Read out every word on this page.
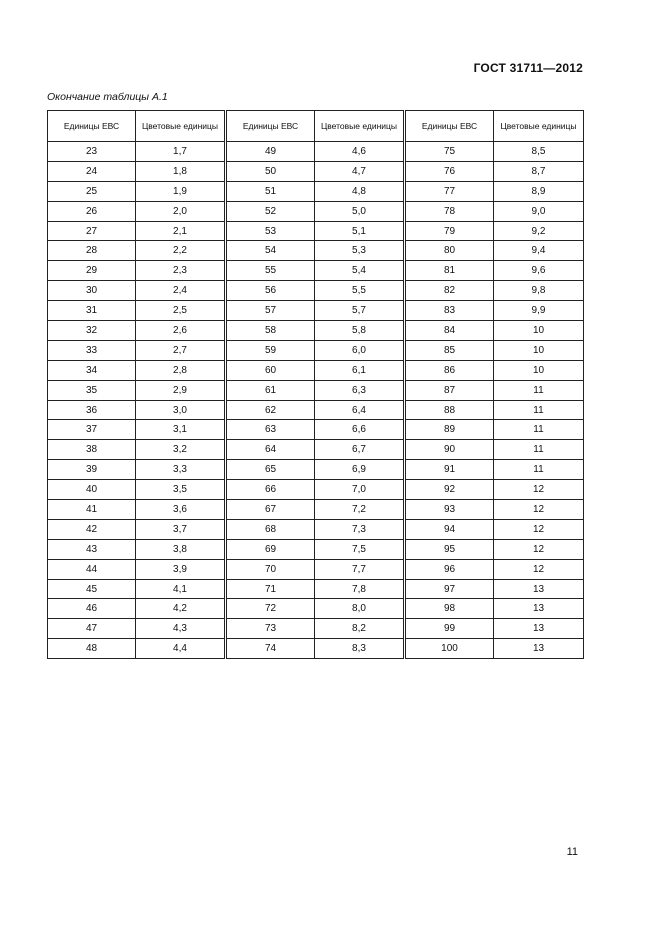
ГОСТ 31711—2012
Окончание таблицы А.1
Единицы ЕВС	Цветовые единицы	Единицы ЕВС	Цветовые единицы	Единицы ЕВС	Цветовые единицы
23	1,7	49	4,6	75	8,5
24	1,8	50	4,7	76	8,7
25	1,9	51	4,8	77	8,9
26	2,0	52	5,0	78	9,0
27	2,1	53	5,1	79	9,2
28	2,2	54	5,3	80	9,4
29	2,3	55	5,4	81	9,6
30	2,4	56	5,5	82	9,8
31	2,5	57	5,7	83	9,9
32	2,6	58	5,8	84	10
33	2,7	59	6,0	85	10
34	2,8	60	6,1	86	10
35	2,9	61	6,3	87	11
36	3,0	62	6,4	88	11
37	3,1	63	6,6	89	11
38	3,2	64	6,7	90	11
39	3,3	65	6,9	91	11
40	3,5	66	7,0	92	12
41	3,6	67	7,2	93	12
42	3,7	68	7,3	94	12
43	3,8	69	7,5	95	12
44	3,9	70	7,7	96	12
45	4,1	71	7,8	97	13
46	4,2	72	8,0	98	13
47	4,3	73	8,2	99	13
48	4,4	74	8,3	100	13
11
